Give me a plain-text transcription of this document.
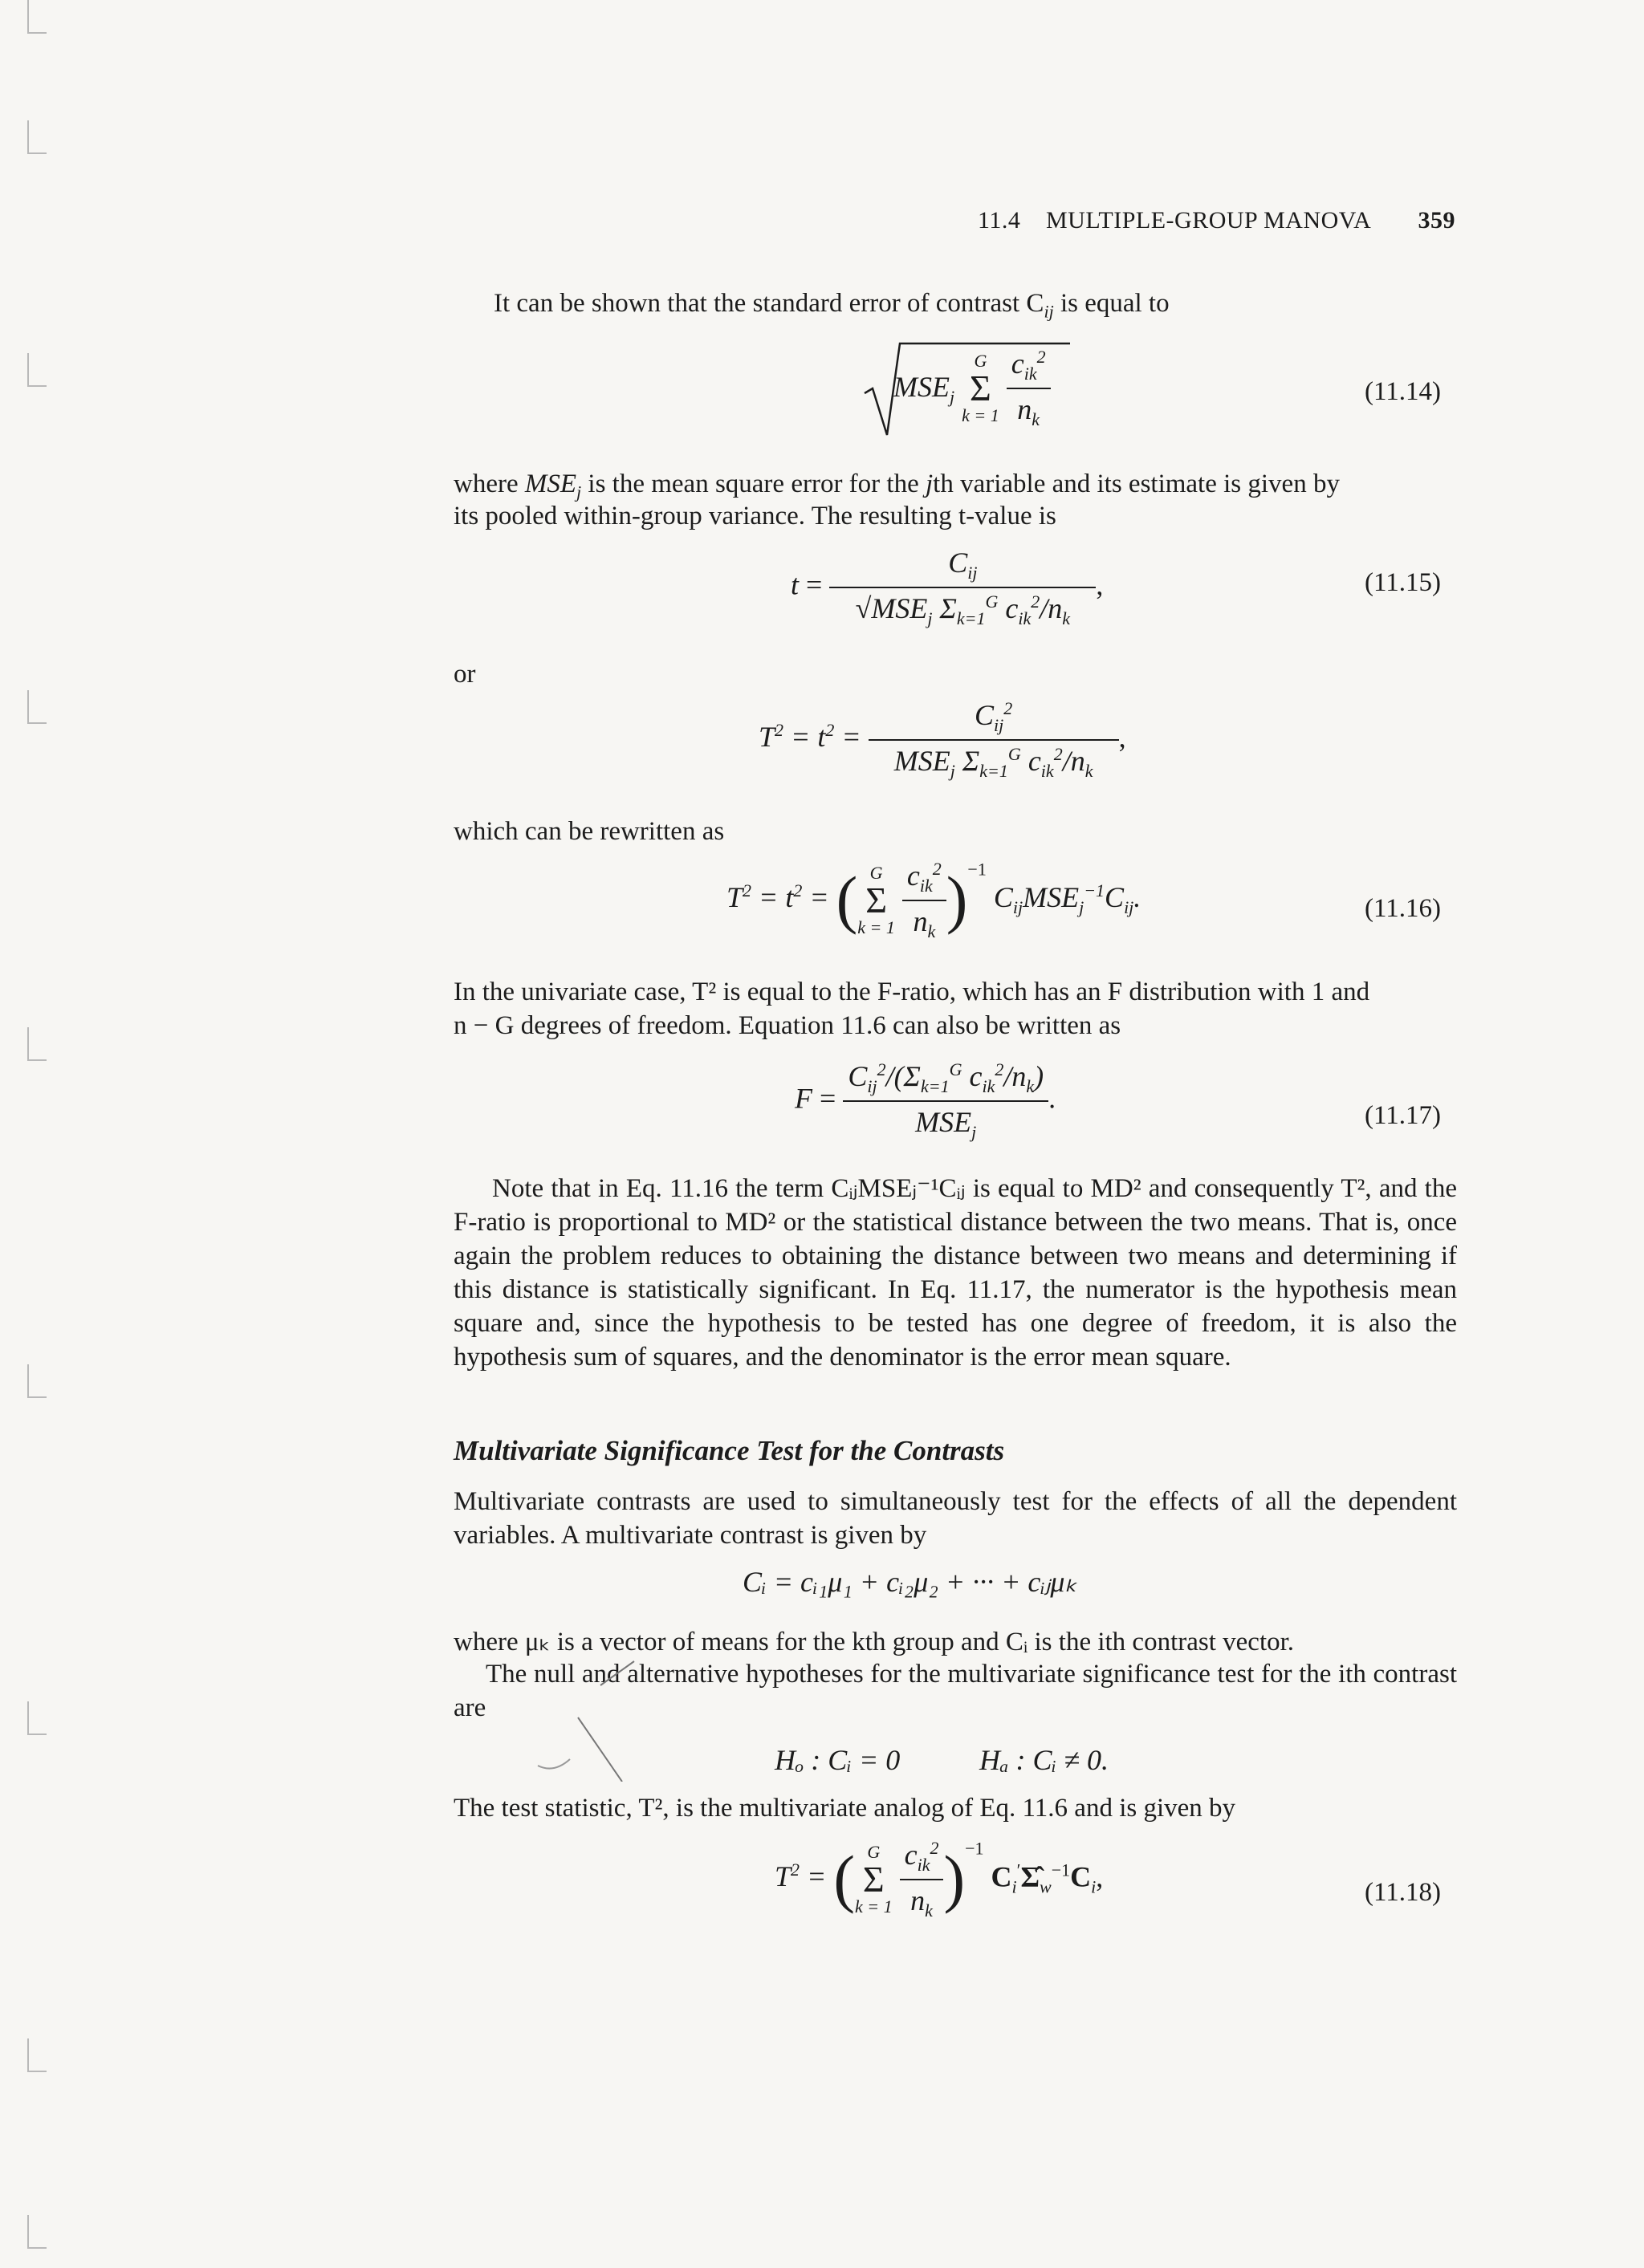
11.4 MULTIPLE-GROUP MANOVA 359
It can be shown that the standard error of contrast $C_{ij}$ is equal to
$MSE_j$
G
Σ
k = 1
$\frac{c_{ik}^2}{n_k}$	(11.14)
where $MSE_j$ is the mean square error for the jth variable and its estimate is given by
its pooled within-group variance. The resulting t-value is
$t = \frac{C_{ij}}{√MSE_j \Sigma_{k=1}^G c_{ik}^2/n_k}$ ,	(11.15)
or
$T^2 = t^2 = \frac{C_{ij}^2}{MSE_j \Sigma_{k=1}^G c_{ik}^2/n_k}$ ,
which can be rewritten as
$T^2 = t^2$ = ( G
Σ
k = 1
$\frac{c_{ik}^2}{n_k} )^{-1}$ $C_{ij}MSE_j^{-1}C_{ij}$.	(11.16)
In the univariate case, T² is equal to the F-ratio, which has an F distribution with 1 and
n − G degrees of freedom. Equation 11.6 can also be written as
$F = \frac{C_{ij}^2/(\Sigma_{k=1}^G c_{ik}^2/n_k)}{MSE_j}$ .
(11.17)
Note that in Eq. 11.16 the term CᵢⱼMSEⱼ⁻¹Cᵢⱼ is equal to MD² and consequently T², and the F-ratio is proportional to MD² or the statistical distance between the two means. That is, once again the problem reduces to obtaining the distance between two means and determining if this distance is statistically significant. In Eq. 11.17, the numerator is the hypothesis mean square and, since the hypothesis to be tested has one degree of freedom, it is also the hypothesis sum of squares, and the denominator is the error mean square.
Multivariate Significance Test for the Contrasts
Multivariate contrasts are used to simultaneously test for the effects of all the dependent variables. A multivariate contrast is given by
Cᵢ = cᵢ₁μ₁ + cᵢ₂μ₂ + ··· + cᵢⱼμₖ
where μₖ is a vector of means for the kth group and Cᵢ is the ith contrast vector.
The null and alternative hypotheses for the multivariate significance test for the ith contrast are
Hₒ : Cᵢ = 0	Hₐ : Cᵢ ≠ 0.
The test statistic, T², is the multivariate analog of Eq. 11.6 and is given by
$T^2$ = ( G
Σ
k = 1
$\frac{c_{ik}^2}{n_k} )^{-1}$ $C_i'\Sigmâ_w^{-1}C_i$,	(11.18)
